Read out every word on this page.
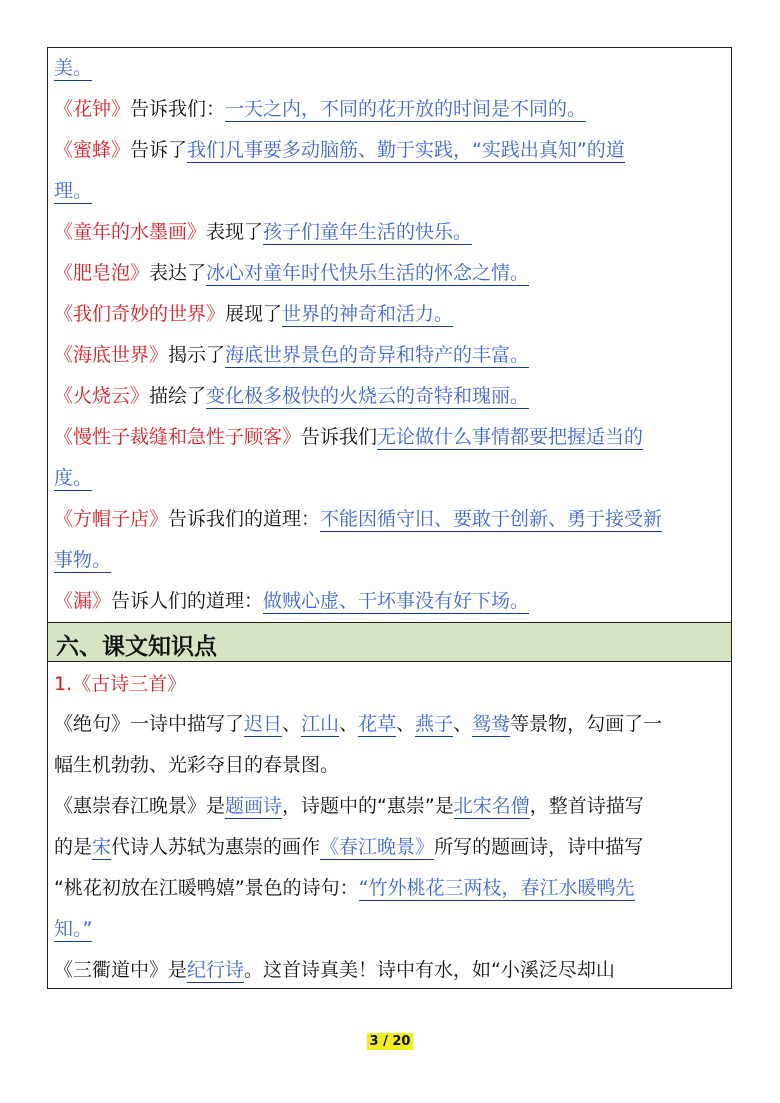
美。
《花钟》告诉我们：一天之内，不同的花开放的时间是不同的。
《蜜蜂》告诉了我们凡事要多动脑筋、勤于实践，“实践出真知”的道
理。
《童年的水墨画》表现了孩子们童年生活的快乐。
《肥皂泡》表达了冰心对童年时代快乐生活的怀念之情。
《我们奇妙的世界》展现了世界的神奇和活力。
《海底世界》揭示了海底世界景色的奇异和特产的丰富。
《火烧云》描绘了变化极多极快的火烧云的奇特和瑰丽。
《慢性子裁缝和急性子顾客》告诉我们无论做什么事情都要把握适当的
度。
《方帽子店》告诉我们的道理：不能因循守旧、要敢于创新、勇于接受新
事物。
《漏》告诉人们的道理：做贼心虚、干坏事没有好下场。
六、课文知识点
1.《古诗三首》
《绝句》一诗中描写了迟日、江山、花草、燕子、鸳鸯等景物，勾画了一
幅生机勃勃、光彩夺目的春景图。
《惠崇春江晚景》是题画诗，诗题中的“惠崇”是北宋名僧，整首诗描写
的是宋代诗人苏轼为惠崇的画作《春江晚景》所写的题画诗，诗中描写
“桃花初放在江暖鸭嬉”景色的诗句：“竹外桃花三两枝，春江水暖鸭先
知。”
《三衢道中》是纪行诗。这首诗真美！诗中有水，如“小溪泛尽却山
3 / 20
